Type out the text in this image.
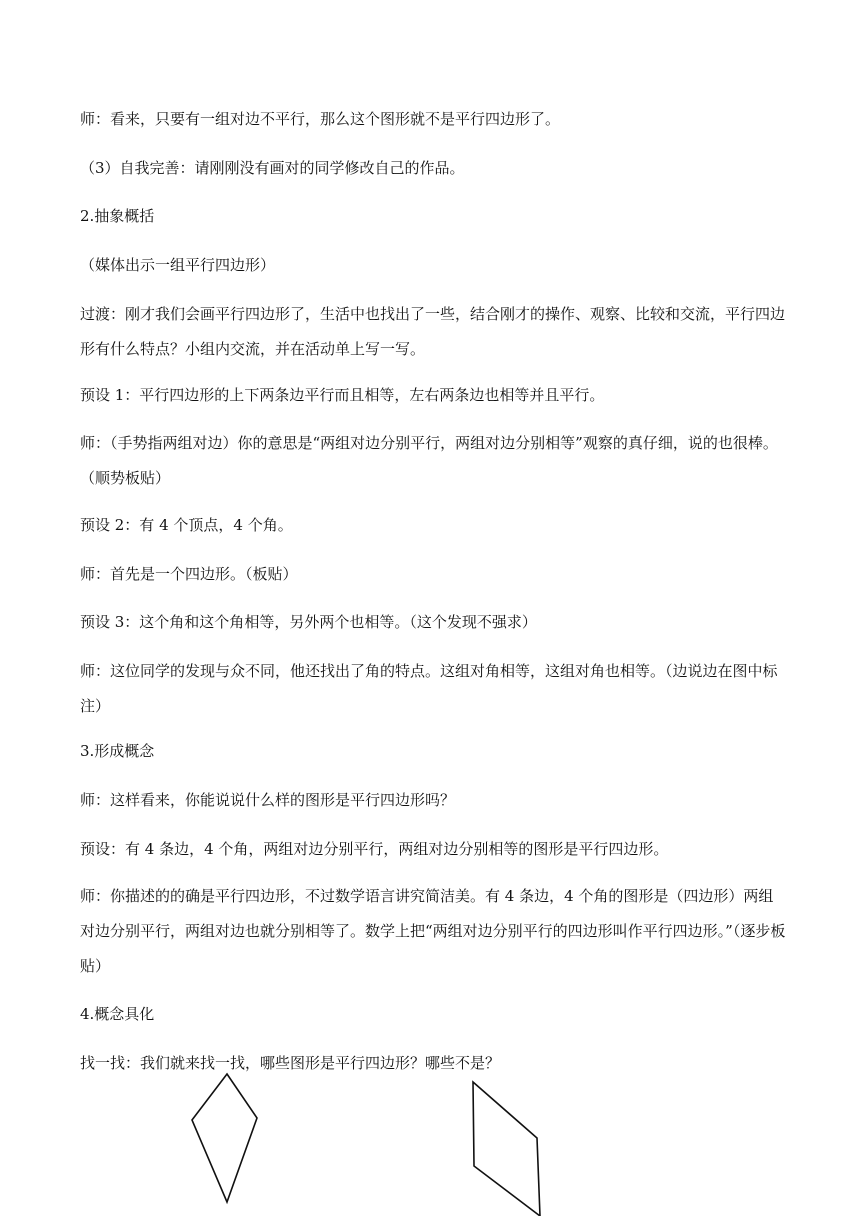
师：看来，只要有一组对边不平行，那么这个图形就不是平行四边形了。

（3）自我完善：请刚刚没有画对的同学修改自己的作品。

2.抽象概括

（媒体出示一组平行四边形）

过渡：刚才我们会画平行四边形了，生活中也找出了一些，结合刚才的操作、观察、比较和交流，平行四边形有什么特点？小组内交流，并在活动单上写一写。

预设 1：平行四边形的上下两条边平行而且相等，左右两条边也相等并且平行。

师：（手势指两组对边）你的意思是“两组对边分别平行，两组对边分别相等”观察的真仔细，说的也很棒。（顺势板贴）

预设 2：有 4 个顶点，4 个角。

师：首先是一个四边形。（板贴）

预设 3：这个角和这个角相等，另外两个也相等。（这个发现不强求）

师：这位同学的发现与众不同，他还找出了角的特点。这组对角相等，这组对角也相等。（边说边在图中标注）

3.形成概念

师：这样看来，你能说说什么样的图形是平行四边形吗？

预设：有 4 条边，4 个角，两组对边分别平行，两组对边分别相等的图形是平行四边形。

师：你描述的的确是平行四边形，不过数学语言讲究简洁美。有 4 条边，4 个角的图形是（四边形）两组对边分别平行，两组对边也就分别相等了。数学上把“两组对边分别平行的四边形叫作平行四边形。”（逐步板贴）

4.概念具化

找一找：我们就来找一找，哪些图形是平行四边形？哪些不是？
